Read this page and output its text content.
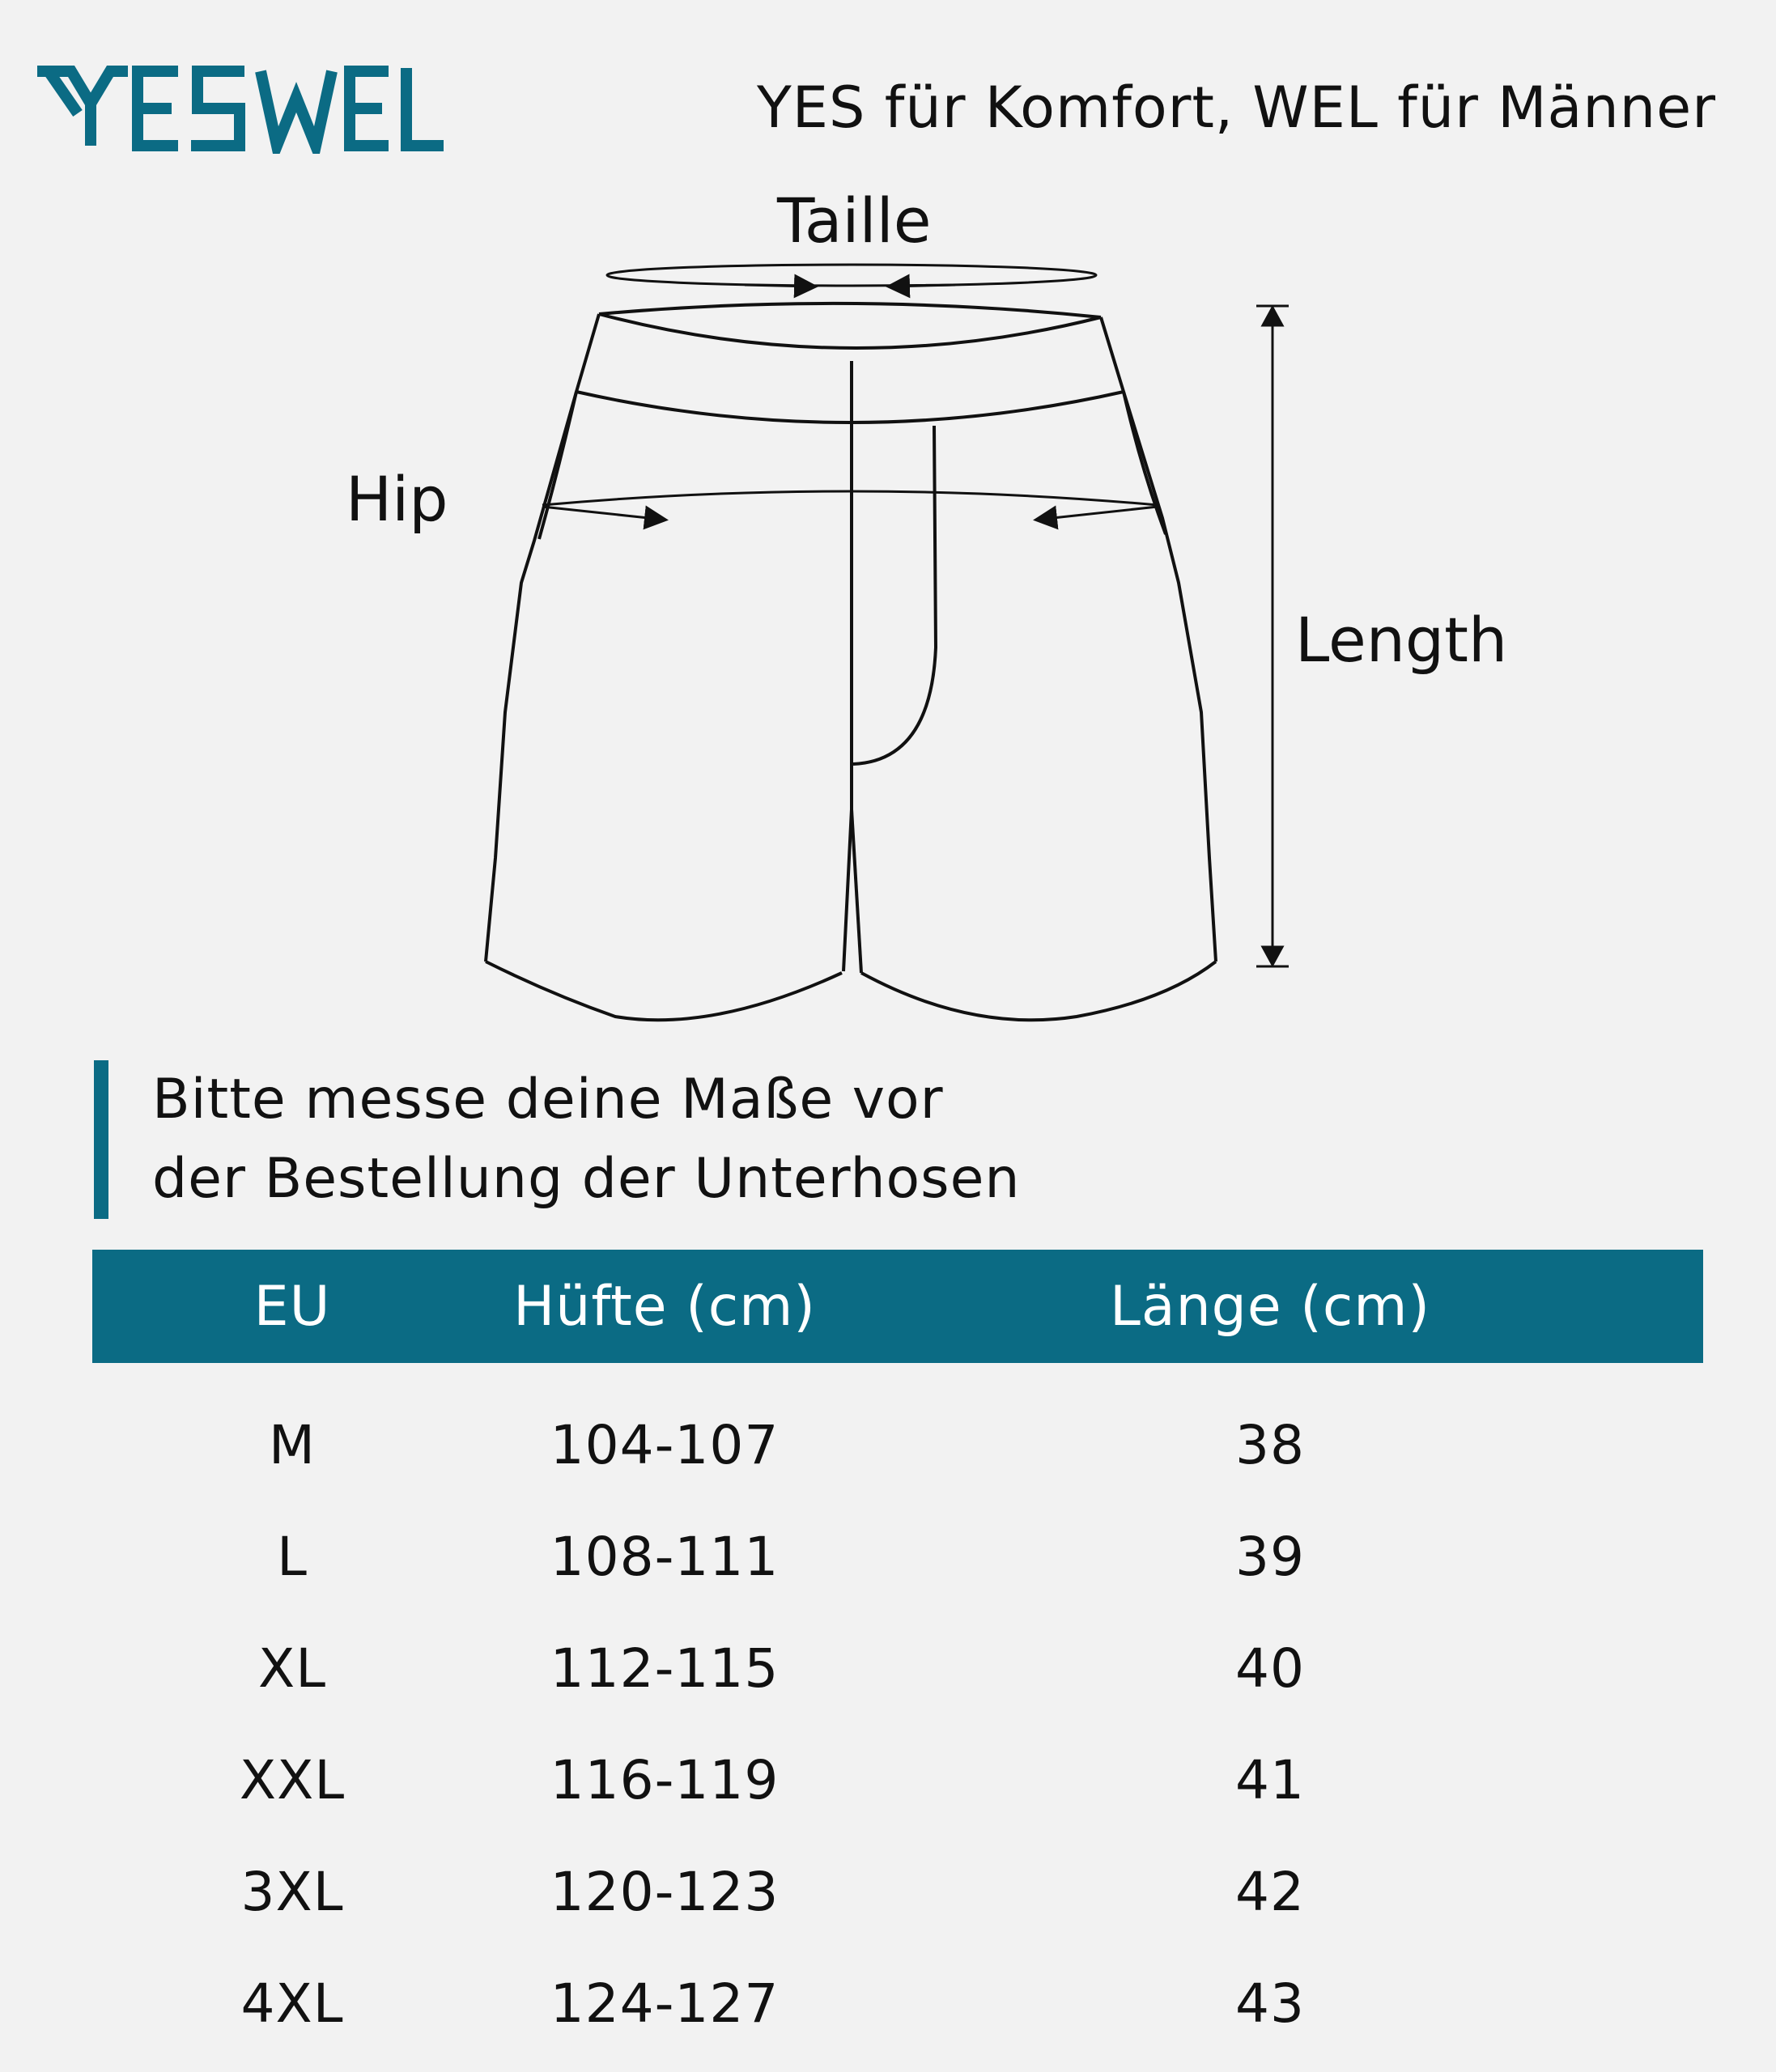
YES für Komfort, WEL für Männer
Taille
Hip
Length
Bitte messe deine Maße vor
der Bestellung der Unterhosen
EU	Hüfte (cm)	Länge (cm)
M	104-107	38
L	108-111	39
XL	112-115	40
XXL	116-119	41
3XL	120-123	42
4XL	124-127	43
